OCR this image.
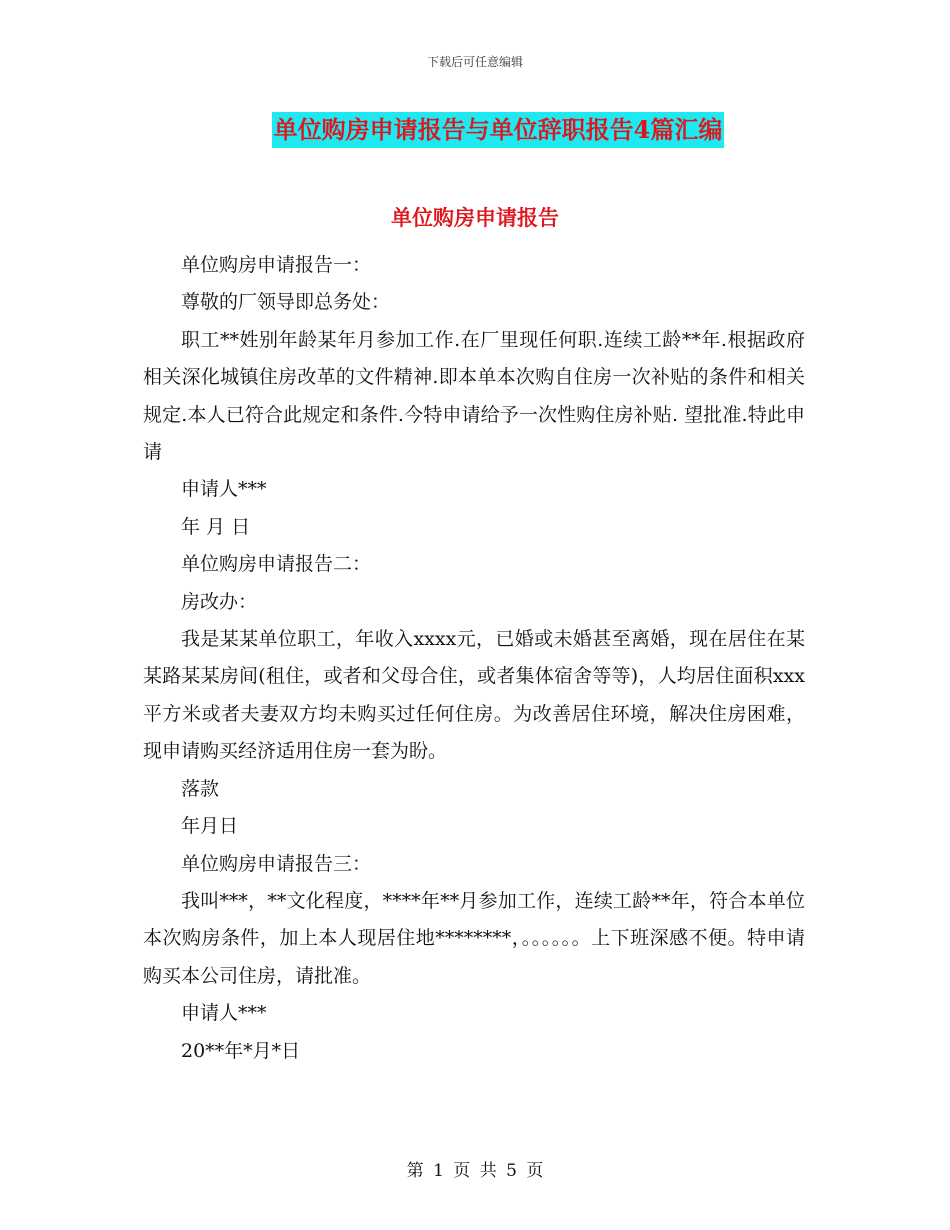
下载后可任意编辑
单位购房申请报告与单位辞职报告4篇汇编
单位购房申请报告

单位购房申请报告一：

尊敬的厂领导即总务处：

职工**姓别年龄某年月参加工作.在厂里现任何职.连续工龄**年.根据政府相关深化城镇住房改革的文件精神.即本单本次购自住房一次补贴的条件和相关规定.本人已符合此规定和条件.今特申请给予一次性购住房补贴. 望批准.特此申请

申请人***

年 月 日

单位购房申请报告二：

房改办：

我是某某单位职工，年收入xxxx元，已婚或未婚甚至离婚，现在居住在某某路某某房间(租住，或者和父母合住，或者集体宿舍等等)，人均居住面积xxx平方米或者夫妻双方均未购买过任何住房。为改善居住环境，解决住房困难，现申请购买经济适用住房一套为盼。

落款

年月日

单位购房申请报告三：

我叫***，**文化程度，****年**月参加工作，连续工龄**年，符合本单位本次购房条件，加上本人现居住地********，。。。。。。上下班深感不便。特申请购买本公司住房，请批准。

申请人***

20**年*月*日

第 1 页 共 5 页
